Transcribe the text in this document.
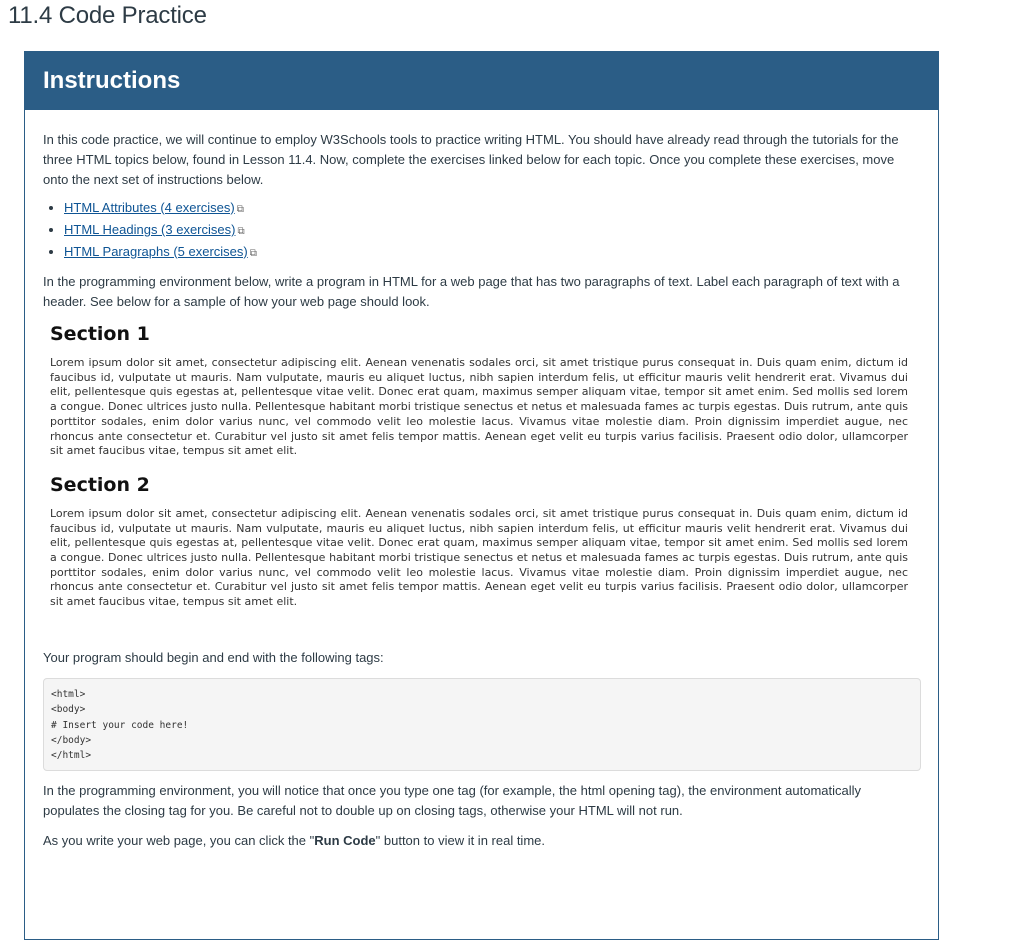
11.4 Code Practice
Instructions

In this code practice, we will continue to employ W3Schools tools to practice writing HTML. You should have already read through the tutorials for the three HTML topics below, found in Lesson 11.4. Now, complete the exercises linked below for each topic. Once you complete these exercises, move onto the next set of instructions below.

• HTML Attributes (4 exercises) ⧉
• HTML Headings (3 exercises) ⧉
• HTML Paragraphs (5 exercises) ⧉

In the programming environment below, write a program in HTML for a web page that has two paragraphs of text. Label each paragraph of text with a header. See below for a sample of how your web page should look.

Section 1

Lorem ipsum dolor sit amet, consectetur adipiscing elit. Aenean venenatis sodales orci, sit amet tristique purus consequat in. Duis quam enim, dictum id faucibus id, vulputate ut mauris. Nam vulputate, mauris eu aliquet luctus, nibh sapien interdum felis, ut efficitur mauris velit hendrerit erat. Vivamus dui elit, pellentesque quis egestas at, pellentesque vitae velit. Donec erat quam, maximus semper aliquam vitae, tempor sit amet enim. Sed mollis sed lorem a congue. Donec ultrices justo nulla. Pellentesque habitant morbi tristique senectus et netus et malesuada fames ac turpis egestas. Duis rutrum, ante quis porttitor sodales, enim dolor varius nunc, vel commodo velit leo molestie lacus. Vivamus vitae molestie diam. Proin dignissim imperdiet augue, nec rhoncus ante consectetur et. Curabitur vel justo sit amet felis tempor mattis. Aenean eget velit eu turpis varius facilisis. Praesent odio dolor, ullamcorper sit amet faucibus vitae, tempus sit amet elit.

Section 2

Lorem ipsum dolor sit amet, consectetur adipiscing elit. Aenean venenatis sodales orci, sit amet tristique purus consequat in. Duis quam enim, dictum id faucibus id, vulputate ut mauris. Nam vulputate, mauris eu aliquet luctus, nibh sapien interdum felis, ut efficitur mauris velit hendrerit erat. Vivamus dui elit, pellentesque quis egestas at, pellentesque vitae velit. Donec erat quam, maximus semper aliquam vitae, tempor sit amet enim. Sed mollis sed lorem a congue. Donec ultrices justo nulla. Pellentesque habitant morbi tristique senectus et netus et malesuada fames ac turpis egestas. Duis rutrum, ante quis porttitor sodales, enim dolor varius nunc, vel commodo velit leo molestie lacus. Vivamus vitae molestie diam. Proin dignissim imperdiet augue, nec rhoncus ante consectetur et. Curabitur vel justo sit amet felis tempor mattis. Aenean eget velit eu turpis varius facilisis. Praesent odio dolor, ullamcorper sit amet faucibus vitae, tempus sit amet elit.

Your program should begin and end with the following tags:

<html>
<body>
# Insert your code here!
</body>
</html>

In the programming environment, you will notice that once you type one tag (for example, the html opening tag), the environment automatically populates the closing tag for you. Be careful not to double up on closing tags, otherwise your HTML will not run.

As you write your web page, you can click the "Run Code" button to view it in real time.
